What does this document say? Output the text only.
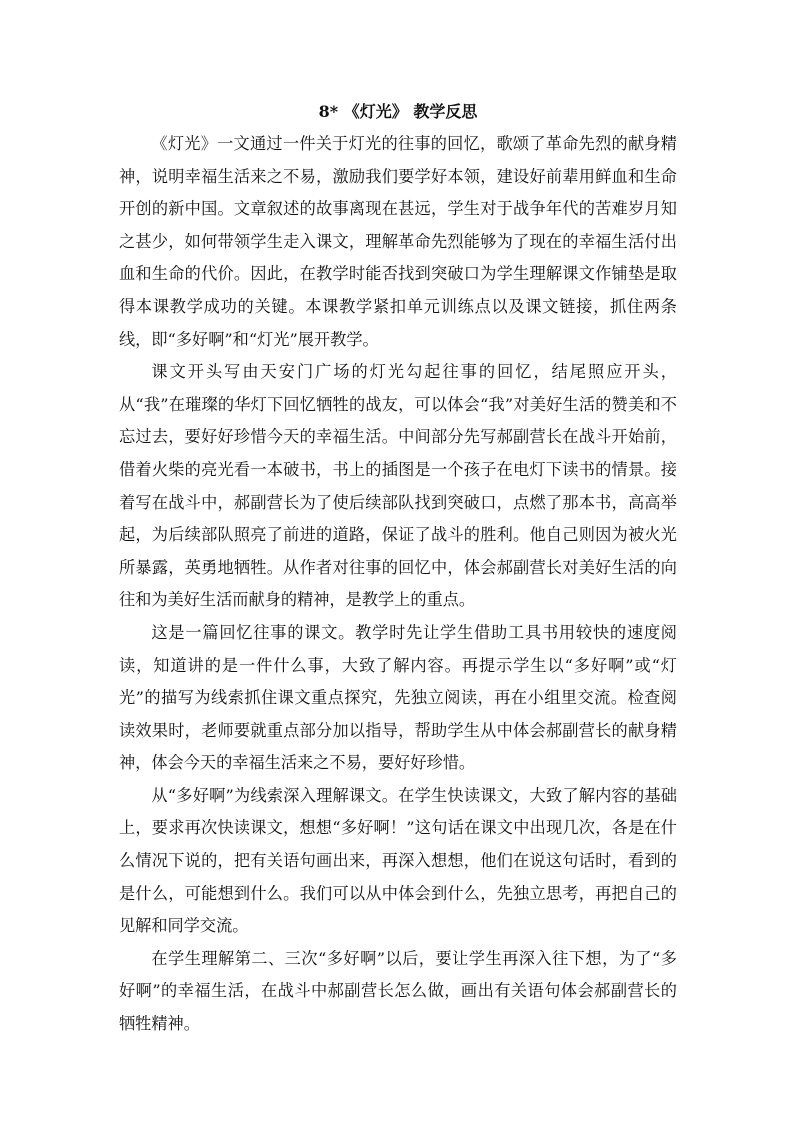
8* 《灯光》 教学反思

《灯光》一文通过一件关于灯光的往事的回忆，歌颂了革命先烈的献身精神，说明幸福生活来之不易，激励我们要学好本领，建设好前辈用鲜血和生命开创的新中国。文章叙述的故事离现在甚远，学生对于战争年代的苦难岁月知之甚少，如何带领学生走入课文，理解革命先烈能够为了现在的幸福生活付出血和生命的代价。因此，在教学时能否找到突破口为学生理解课文作铺垫是取得本课教学成功的关键。本课教学紧扣单元训练点以及课文链接，抓住两条线，即“多好啊”和“灯光”展开教学。

课文开头写由天安门广场的灯光勾起往事的回忆，结尾照应开头，从“我”在璀璨的华灯下回忆牺牲的战友，可以体会“我”对美好生活的赞美和不忘过去，要好好珍惜今天的幸福生活。中间部分先写郝副营长在战斗开始前，借着火柴的亮光看一本破书，书上的插图是一个孩子在电灯下读书的情景。接着写在战斗中，郝副营长为了使后续部队找到突破口，点燃了那本书，高高举起，为后续部队照亮了前进的道路，保证了战斗的胜利。他自己则因为被火光所暴露，英勇地牺牲。从作者对往事的回忆中，体会郝副营长对美好生活的向往和为美好生活而献身的精神，是教学上的重点。

这是一篇回忆往事的课文。教学时先让学生借助工具书用较快的速度阅读，知道讲的是一件什么事，大致了解内容。再提示学生以“多好啊”或“灯光”的描写为线索抓住课文重点探究，先独立阅读，再在小组里交流。检查阅读效果时，老师要就重点部分加以指导，帮助学生从中体会郝副营长的献身精神，体会今天的幸福生活来之不易，要好好珍惜。

从“多好啊”为线索深入理解课文。在学生快读课文，大致了解内容的基础上，要求再次快读课文，想想“多好啊！”这句话在课文中出现几次，各是在什么情况下说的，把有关语句画出来，再深入想想，他们在说这句话时，看到的是什么，可能想到什么。我们可以从中体会到什么，先独立思考，再把自己的见解和同学交流。

在学生理解第二、三次“多好啊”以后，要让学生再深入往下想，为了“多好啊”的幸福生活，在战斗中郝副营长怎么做，画出有关语句体会郝副营长的牺牲精神。
